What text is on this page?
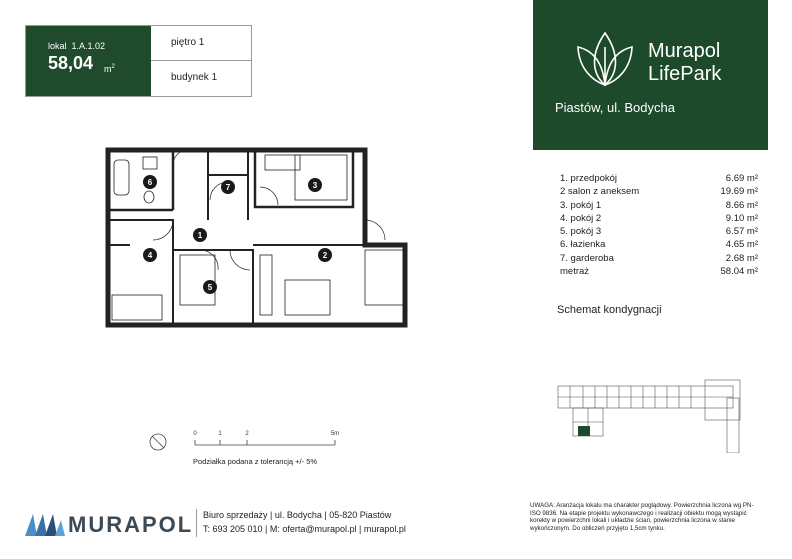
lokal 1.A.1.02
58,04 $m^2$
piętro 1
budynek 1
Murapol
LifePark
Piastów, ul. Bodycha
1. przedpokój	6.69 m²
2 salon z aneksem	19.69 m²
3. pokój 1	8.66 m²
4. pokój 2	9.10 m²
5. pokój 3	6.57 m²
6. łazienka	4.65 m²
7. garderoba	2.68 m²
metraż	58.04 m²
Schemat kondygnacji
1
2
3
4
5
6
7
0	1	2	5m
Podziałka podana z tolerancją +/- 5%
MURAPOL Biuro sprzedaży | ul. Bodycha | 05-820 Piastów
T: 693 205 010 | M: oferta@murapol.pl | murapol.pl
UWAGA: Aranżacja lokalu ma charakter poglądowy. Powierzchnia liczona wg PN-ISO 9836. Na etapie projektu wykonawczego i realizacji obiektu mogą wystąpić korekty w powierzchni lokali i układzie ścian, powierzchnia liczona w stanie wykończonym. Do obliczeń przyjęto 1,5cm tynku.
